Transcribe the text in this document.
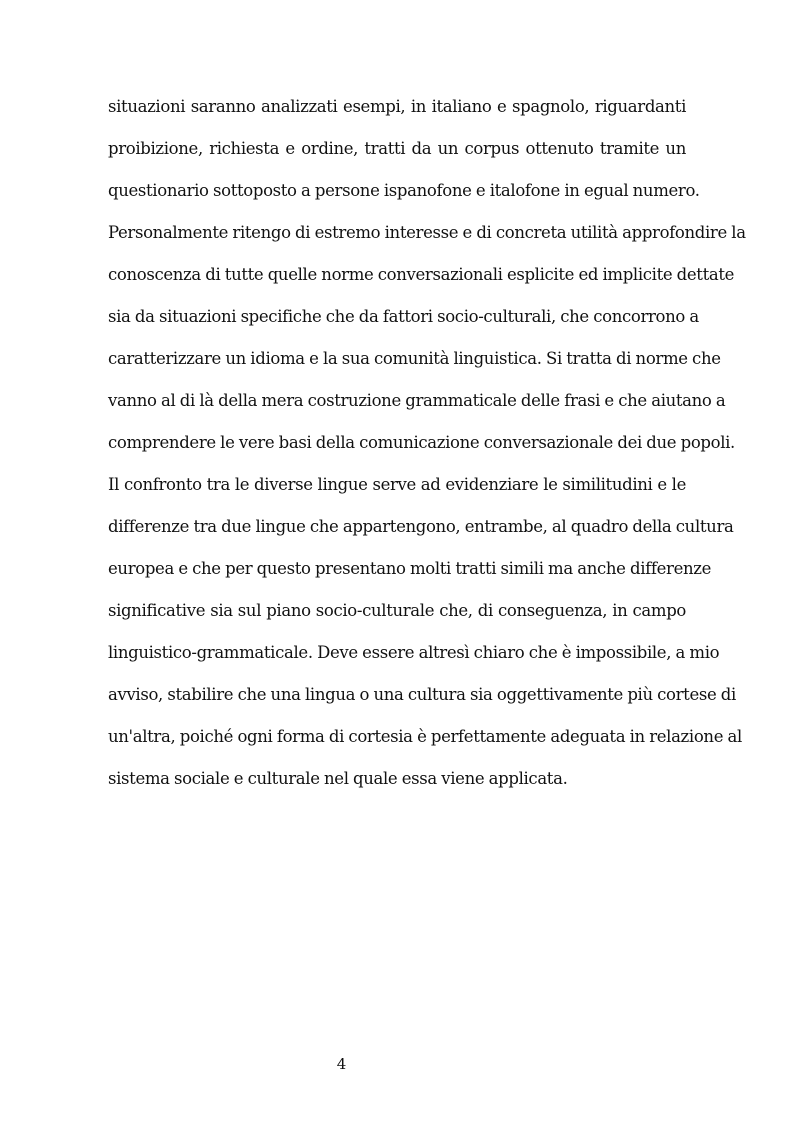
situazioni saranno analizzati esempi, in italiano e spagnolo, riguardanti
proibizione, richiesta e ordine, tratti da un corpus ottenuto tramite un
questionario sottoposto a persone ispanofone e italofone in egual numero.
Personalmente ritengo di estremo interesse e di concreta utilità approfondire la
conoscenza di tutte quelle norme conversazionali esplicite ed implicite dettate
sia da situazioni specifiche che da fattori socio-culturali, che concorrono a
caratterizzare un idioma e la sua comunità linguistica. Si tratta di norme che
vanno al di là della mera costruzione grammaticale delle frasi e che aiutano a
comprendere le vere basi della comunicazione conversazionale dei due popoli.
Il confronto tra le diverse lingue serve ad evidenziare le similitudini e le
differenze tra due lingue che appartengono, entrambe, al quadro della cultura
europea e che per questo presentano molti tratti simili ma anche differenze
significative sia sul piano socio-culturale che, di conseguenza, in campo
linguistico-grammaticale. Deve essere altresì chiaro che è impossibile, a mio
avviso, stabilire che una lingua o una cultura sia oggettivamente più cortese di
un'altra, poiché ogni forma di cortesia è perfettamente adeguata in relazione al
sistema sociale e culturale nel quale essa viene applicata.
4
